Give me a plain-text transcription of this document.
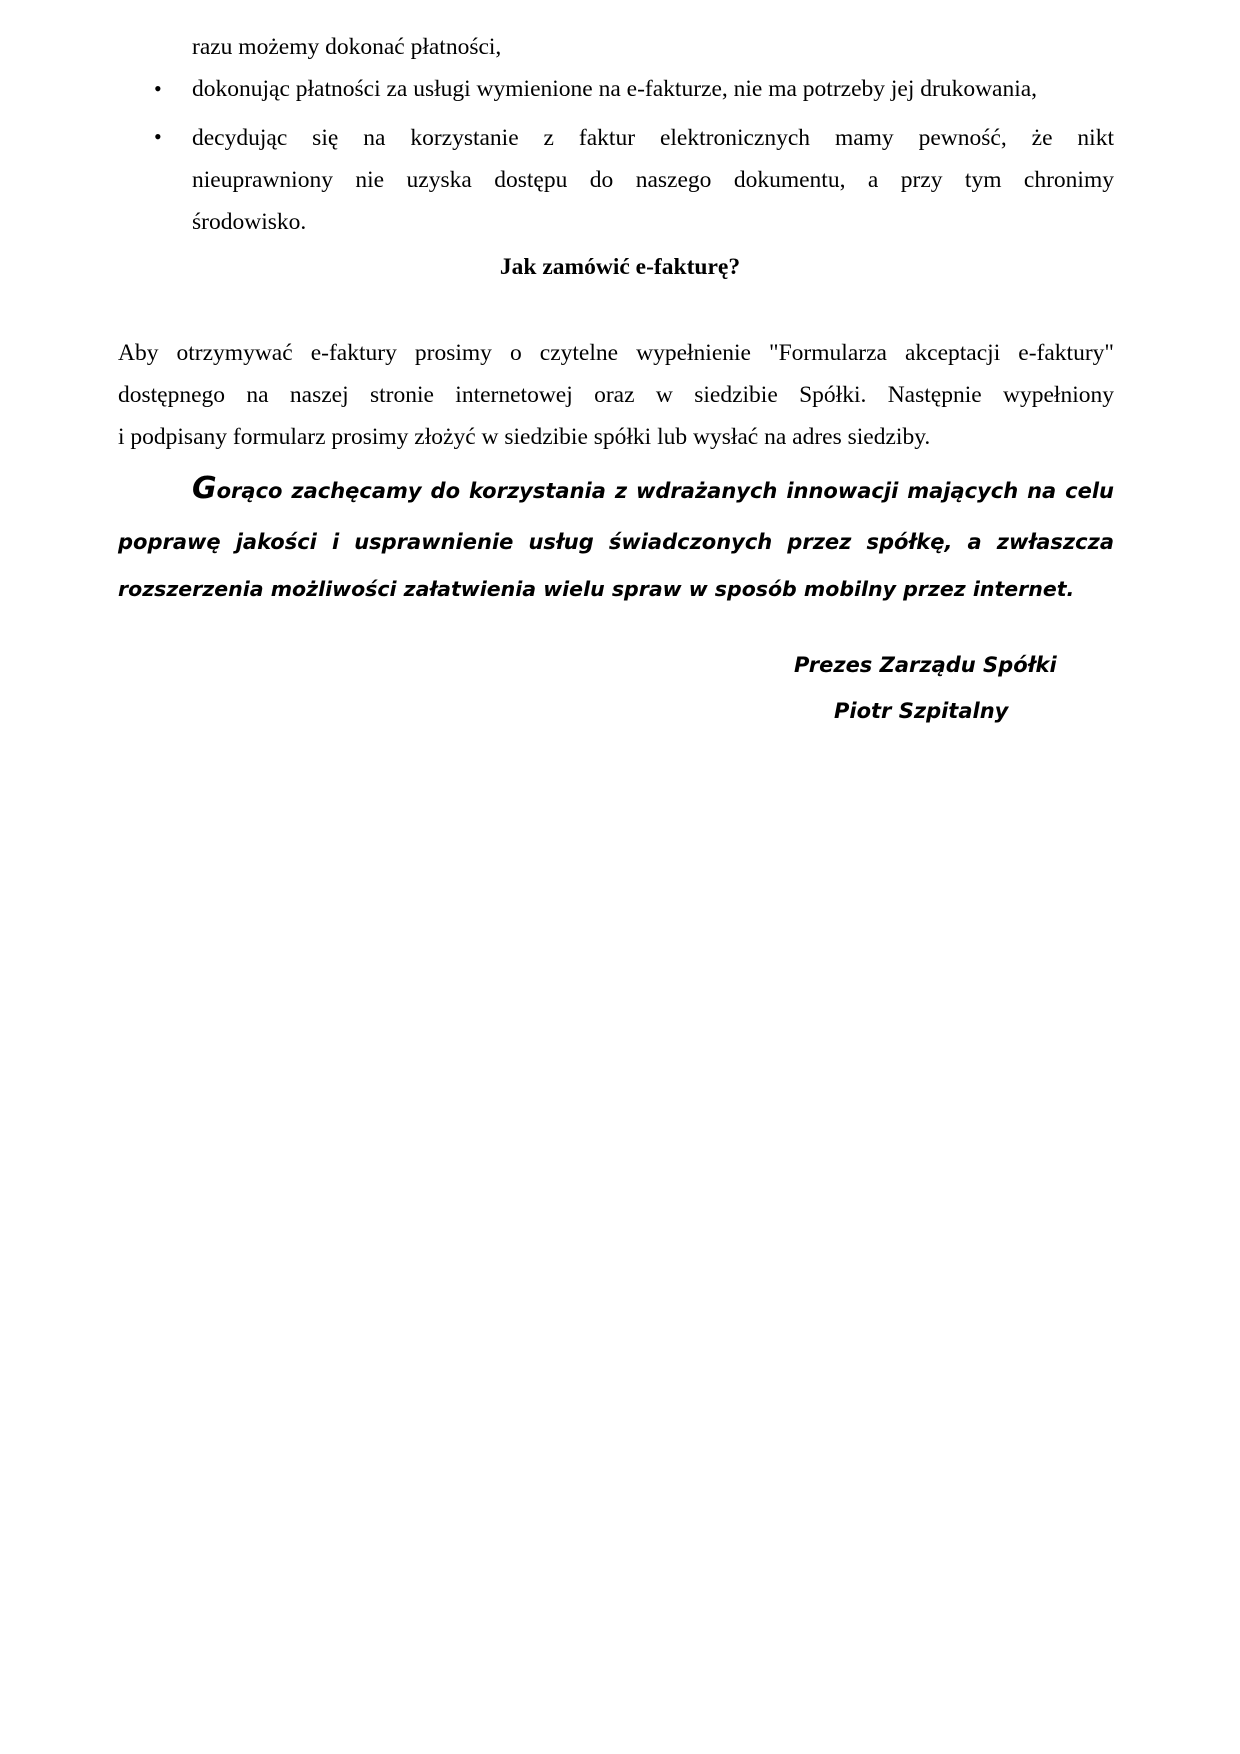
razu możemy dokonać płatności,
• dokonując płatności za usługi wymienione na e-fakturze, nie ma potrzeby jej drukowania,
• decydując się na korzystanie z faktur elektronicznych mamy pewność, że nikt
nieuprawniony nie uzyska dostępu do naszego dokumentu, a przy tym chronimy
środowisko.
Jak zamówić e-fakturę?
Aby otrzymywać e-faktury prosimy o czytelne wypełnienie "Formularza akceptacji e-faktury"
dostępnego na naszej stronie internetowej oraz w siedzibie Spółki. Następnie wypełniony
i podpisany formularz prosimy złożyć w siedzibie spółki lub wysłać na adres siedziby.
Gorąco zachęcamy do korzystania z wdrażanych innowacji mających na celu
poprawę jakości i usprawnienie usług świadczonych przez spółkę, a zwłaszcza
rozszerzenia możliwości załatwienia wielu spraw w sposób mobilny przez internet.
Prezes Zarządu Spółki
Piotr Szpitalny
